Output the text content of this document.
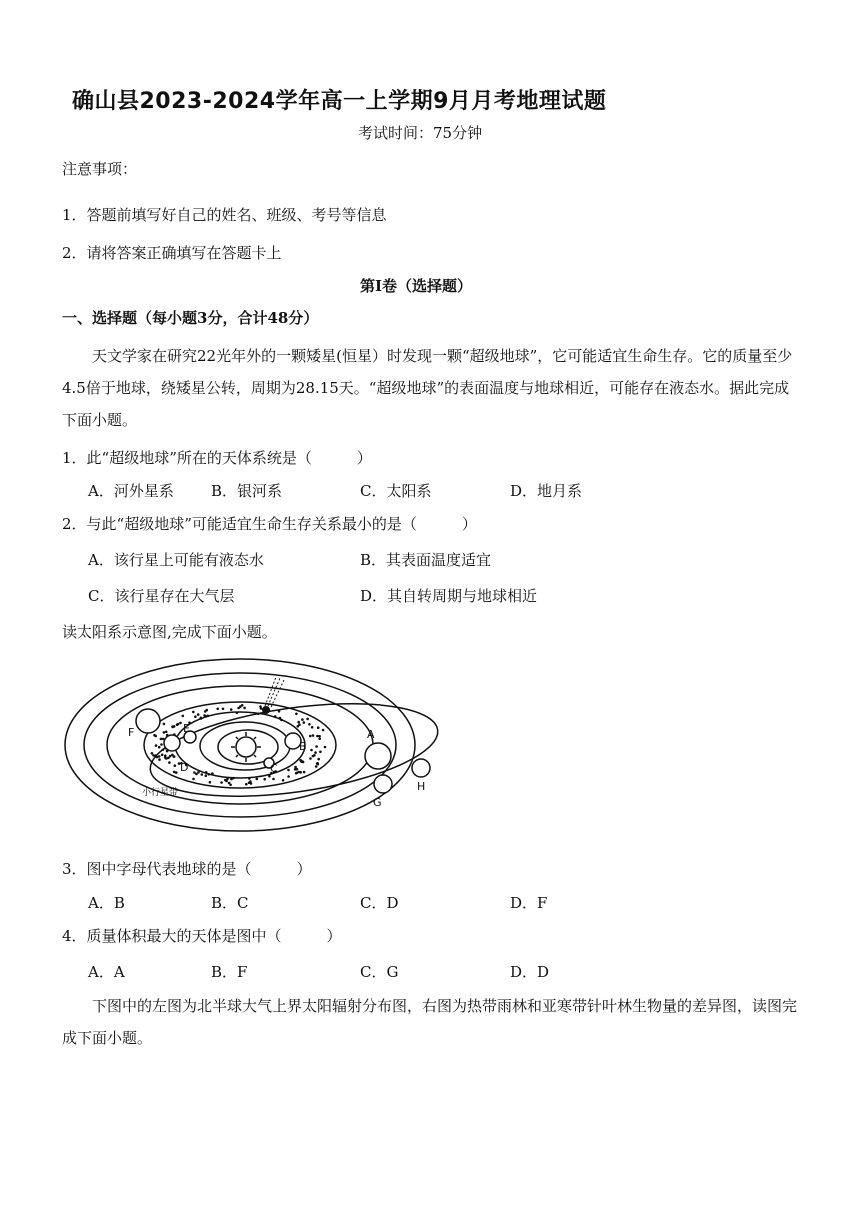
确山县2023-2024学年高一上学期9月月考地理试题
考试时间：75分钟
注意事项：
1．答题前填写好自己的姓名、班级、考号等信息
2．请将答案正确填写在答题卡上
第Ⅰ卷（选择题）
一、选择题（每小题3分，合计48分）
天文学家在研究22光年外的一颗矮星(恒星）时发现一颗“超级地球”，它可能适宜生命生存。它的质量至少4.5倍于地球，绕矮星公转，周期为28.15天。“超级地球”的表面温度与地球相近，可能存在液态水。据此完成下面小题。
1．此“超级地球”所在的天体系统是（　　　）
A．河外星系 B．银河系	C．太阳系	D．地月系
2．与此“超级地球”可能适宜生命生存关系最小的是（　　　）
A．该行星上可能有液态水	B．其表面温度适宜
C．该行星存在大气层	D．其自转周期与地球相近
读太阳系示意图,完成下面小题。
F	E
D
B
C
A
G
H
小行星带
3．图中字母代表地球的是（　　　）
A．B	B．C	C．D	D．F
4．质量体积最大的天体是图中（　　　）
A．A	B．F	C．G	D．D
下图中的左图为北半球大气上界太阳辐射分布图，右图为热带雨林和亚寒带针叶林生物量的差异图，读图完成下面小题。
